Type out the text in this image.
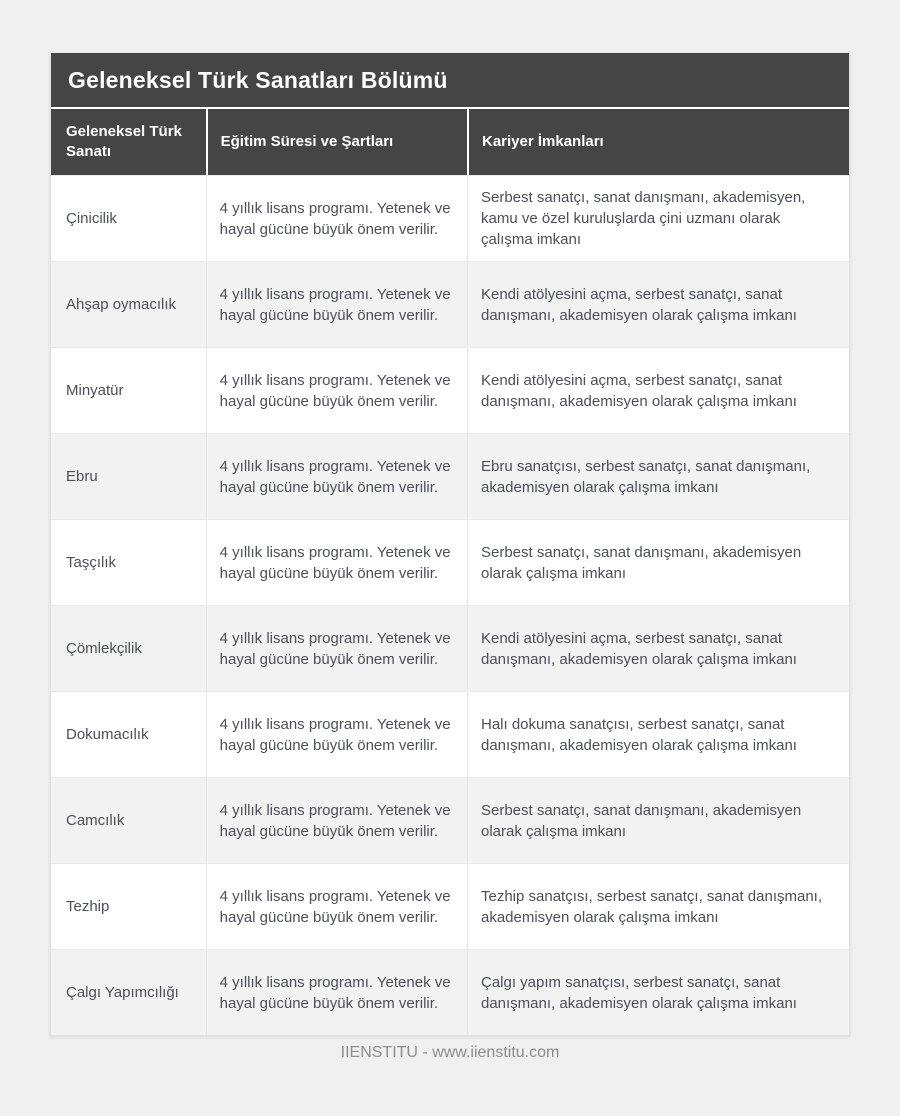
Geleneksel Türk Sanatları Bölümü
Geleneksel Türk Sanatı
Eğitim Süresi ve Şartları	Kariyer İmkanları
Çinicilik
4 yıllık lisans programı. Yetenek ve hayal gücüne büyük önem verilir.
Serbest sanatçı, sanat danışmanı, akademisyen, kamu ve özel kuruluşlarda çini uzmanı olarak çalışma imkanı
Ahşap oymacılık
4 yıllık lisans programı. Yetenek ve hayal gücüne büyük önem verilir.
Kendi atölyesini açma, serbest sanatçı, sanat danışmanı, akademisyen olarak çalışma imkanı
Minyatür
4 yıllık lisans programı. Yetenek ve hayal gücüne büyük önem verilir.
Kendi atölyesini açma, serbest sanatçı, sanat danışmanı, akademisyen olarak çalışma imkanı
Ebru
4 yıllık lisans programı. Yetenek ve hayal gücüne büyük önem verilir.
Ebru sanatçısı, serbest sanatçı, sanat danışmanı, akademisyen olarak çalışma imkanı
Taşçılık
4 yıllık lisans programı. Yetenek ve hayal gücüne büyük önem verilir.
Serbest sanatçı, sanat danışmanı, akademisyen olarak çalışma imkanı
Çömlekçilik
4 yıllık lisans programı. Yetenek ve hayal gücüne büyük önem verilir.
Kendi atölyesini açma, serbest sanatçı, sanat danışmanı, akademisyen olarak çalışma imkanı
Dokumacılık
4 yıllık lisans programı. Yetenek ve hayal gücüne büyük önem verilir.
Halı dokuma sanatçısı, serbest sanatçı, sanat danışmanı, akademisyen olarak çalışma imkanı
Camcılık
4 yıllık lisans programı. Yetenek ve hayal gücüne büyük önem verilir.
Serbest sanatçı, sanat danışmanı, akademisyen olarak çalışma imkanı
Tezhip
4 yıllık lisans programı. Yetenek ve hayal gücüne büyük önem verilir.
Tezhip sanatçısı, serbest sanatçı, sanat danışmanı, akademisyen olarak çalışma imkanı
Çalgı Yapımcılığı
4 yıllık lisans programı. Yetenek ve hayal gücüne büyük önem verilir.
Çalgı yapım sanatçısı, serbest sanatçı, sanat danışmanı, akademisyen olarak çalışma imkanı
IIENSTITU - www.iienstitu.com
